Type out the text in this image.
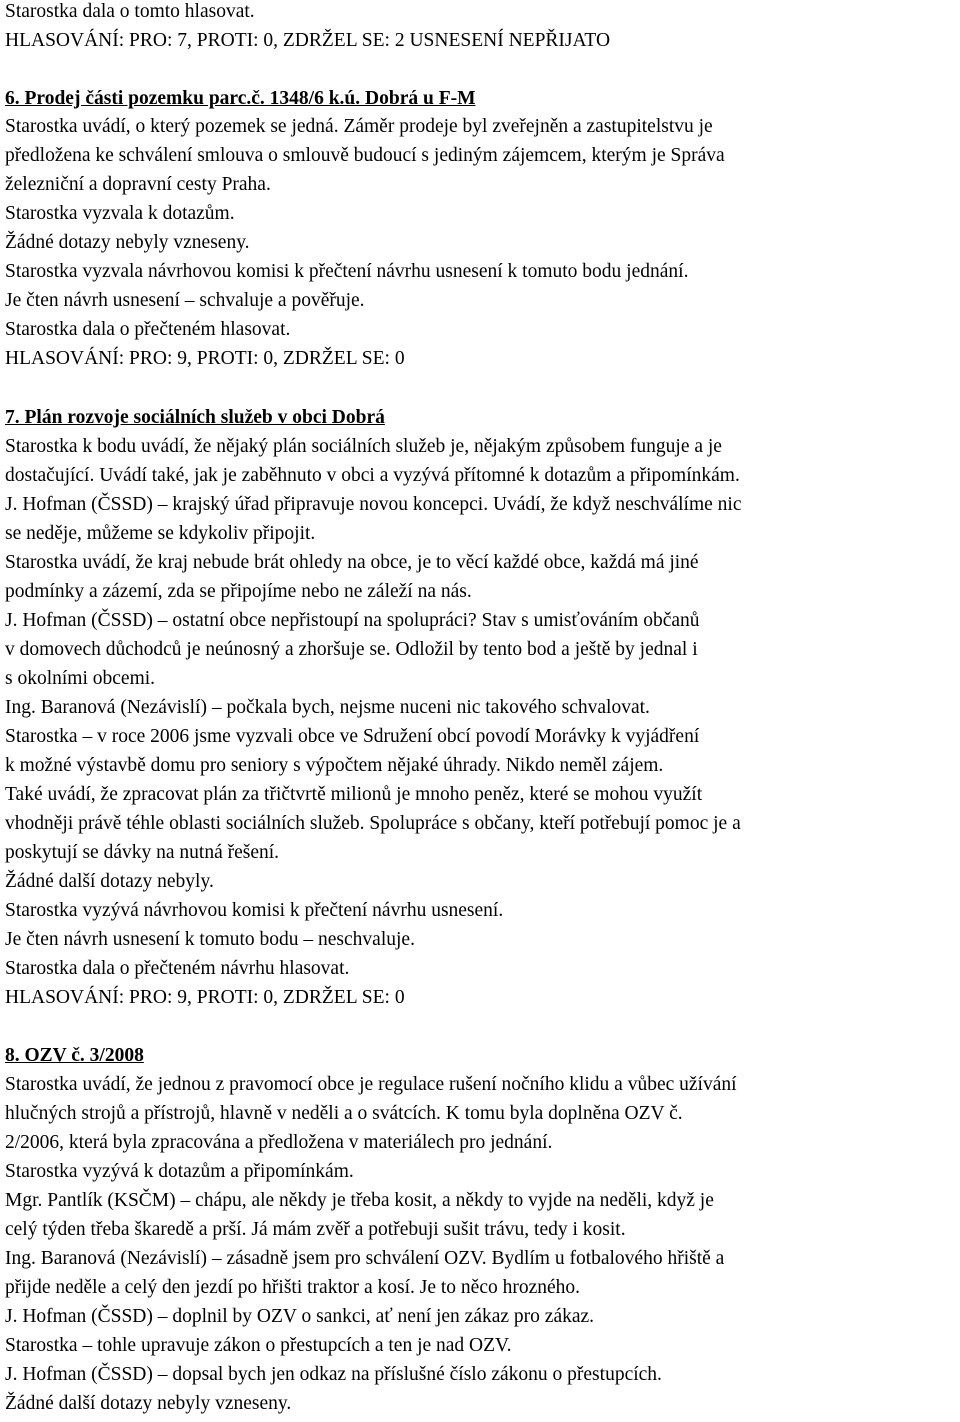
Starostka dala o tomto hlasovat.
HLASOVÁNÍ: PRO: 7, PROTI: 0, ZDRŽEL SE: 2 USNESENÍ NEPŘIJATO
6. Prodej části pozemku parc.č. 1348/6 k.ú. Dobrá u F-M
Starostka uvádí, o který pozemek se jedná. Záměr prodeje byl zveřejněn a zastupitelstvu je
předložena ke schválení smlouva o smlouvě budoucí s jediným zájemcem, kterým je Správa
železniční a dopravní cesty Praha.
Starostka vyzvala k dotazům.
Žádné dotazy nebyly vzneseny.
Starostka vyzvala návrhovou komisi k přečtení návrhu usnesení k tomuto bodu jednání.
Je čten návrh usnesení – schvaluje a pověřuje.
Starostka dala o přečteném hlasovat.
HLASOVÁNÍ: PRO: 9, PROTI: 0, ZDRŽEL SE: 0
7. Plán rozvoje sociálních služeb v obci Dobrá
Starostka k bodu uvádí, že nějaký plán sociálních služeb je, nějakým způsobem funguje a je
dostačující. Uvádí také, jak je zaběhnuto v obci a vyzývá přítomné k dotazům a připomínkám.
J. Hofman (ČSSD) – krajský úřad připravuje novou koncepci. Uvádí, že když neschválíme nic
se neděje, můžeme se kdykoliv připojit.
Starostka uvádí, že kraj nebude brát ohledy na obce, je to věcí každé obce, každá má jiné
podmínky a zázemí, zda se připojíme nebo ne záleží na nás.
J. Hofman (ČSSD) – ostatní obce nepřistoupí na spolupráci? Stav s umisťováním občanů
v domovech důchodců je neúnosný a zhoršuje se. Odložil by tento bod a ještě by jednal i
s okolními obcemi.
Ing. Baranová (Nezávislí) – počkala bych, nejsme nuceni nic takového schvalovat.
Starostka – v roce 2006 jsme vyzvali obce ve Sdružení obcí povodí Morávky k vyjádření
k možné výstavbě domu pro seniory s výpočtem nějaké úhrady. Nikdo neměl zájem.
Také uvádí, že zpracovat plán za třičtvrtě milionů je mnoho peněz, které se mohou využít
vhodněji právě téhle oblasti sociálních služeb. Spolupráce s občany, kteří potřebují pomoc je a
poskytují se dávky na nutná řešení.
Žádné další dotazy nebyly.
Starostka vyzývá návrhovou komisi k přečtení návrhu usnesení.
Je čten návrh usnesení k tomuto bodu – neschvaluje.
Starostka dala o přečteném návrhu hlasovat.
HLASOVÁNÍ: PRO: 9, PROTI: 0, ZDRŽEL SE: 0
8. OZV č. 3/2008
Starostka uvádí, že jednou z pravomocí obce je regulace rušení nočního klidu a vůbec užívání
hlučných strojů a přístrojů, hlavně v neděli a o svátcích. K tomu byla doplněna OZV č.
2/2006, která byla zpracována a předložena v materiálech pro jednání.
Starostka vyzývá k dotazům a připomínkám.
Mgr. Pantlík (KSČM) – chápu, ale někdy je třeba kosit, a někdy to vyjde na neděli, když je
celý týden třeba škaredě a prší. Já mám zvěř a potřebuji sušit trávu, tedy i kosit.
Ing. Baranová (Nezávislí) – zásadně jsem pro schválení OZV. Bydlím u fotbalového hřiště a
přijde neděle a celý den jezdí po hřišti traktor a kosí. Je to něco hrozného.
J. Hofman (ČSSD) – doplnil by OZV o sankci, ať není jen zákaz pro zákaz.
Starostka – tohle upravuje zákon o přestupcích a ten je nad OZV.
J. Hofman (ČSSD) – dopsal bych jen odkaz na příslušné číslo zákonu o přestupcích.
Žádné další dotazy nebyly vzneseny.
